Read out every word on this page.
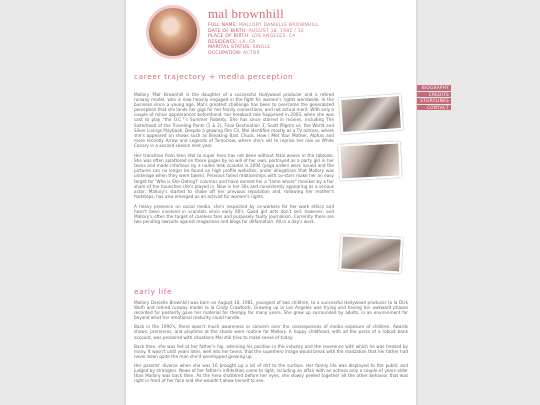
mal brownhill
FULL NAME: MALLORY DANIELLE BROWNHILL
DATE OF BIRTH: AUGUST 18, 1981 / 32
PLACE OF BIRTH: LOS ANGELES, CA
RESIDENCE: LA, CA
MARITAL STATUS: SINGLE
OCCUPATION: ACTOR
career trajectory + media perception

Mallory 'Mal' Brownhill is the daughter of a successful Hollywood producer and a retired runway model, who is now heavily engaged in the fight for women's rights worldwide. In the business since a young age, Mal's greatest challenge has been to overcome the generalized perception that she lands her gigs for her family connections, and not actual merit. With only a couple of minor appearances beforehand, her breakout role happened in 2003, when she was cast to play "the O.C."'s Summer Roberts. She has since starred in movies, including The Sisterhood of the Traveling Pants (1 & 2), Final Destination 3, Scott Pilgrim vs. the World and Silver Linings Playbook. Despite a growing film CV, Mal identifies mostly as a TV actress, where she's appeared on shows such as Breaking Bad, Chuck, How I Met Your Mother, Alphas and more recently Arrow and Legends of Tomorrow, where she's set to reprise her role as White Canary in a second season next year.

Her transition from teen idol to super hero has not been without fatal waves in the tabloids. She was often splattered on those pages by no will of her own, portrayed as a party girl in her teens and made infamous by a nudes leak scandal in 2004 (yoga orders were issued and the pictures can no longer be found on high profile websites, under allegations that Mallory was underage when they were taken). Previous failed relationships with co-stars make her an easy target for 'Who is She Dating?' columns and have earned her a "lame whore" moniker by a fair share of the haunches she's played in. Now in her 30s and consistently appearing as a serious actor, Mallory's started to shake off her previous reputation and, following her mother's footsteps, has also emerged as an activist for women's rights.

A heavy presence on social media, she's respected by co-workers for her work ethics and hasn't been involved in scandals since early 00's. Good girl acts don't sell, however, and Mallory's often the target of careless fans and purposely faulty journalism. Currently there are two pending lawsuits against magazines and blogs for defamation. All in a day's work.

early life

Mallory Danielle Brownhill was born on August 18, 1981, youngest of two children, to a successful Hollywood producer (a la Dick Wolf) and retired runway model (a la Cindy Crawford). Growing up in Los Angeles was trying and having her awkward phases recorded for posterity gave her material for therapy for many years. She grew up surrounded by adults, in an environment far beyond what her emotional maturity could handle.

Back in the 1990's, there wasn't much awareness or concern over the consequences of media exposure of children. Awards shows, premieres, and playtime at the studio were routine for Mallory. A happy childhood, with all the perks of a robust bank account, was peckered with situations Mal still tries to make sense of today.

Back then, she was fed at her father's hip, admiring his position in the industry and the reverence with which he was treated by many. It wasn't until years later, well into her teens, that the superhero image would break with the realization that her father had never been quite the man she'd worshipped growing up.

Her parents' divorce when she was 16 brought up a lot of dirt to the surface. Her family life was displayed to the public and judged by strangers. News of her father's infidelities came to light, including an affair with an actress only a couple of years older than Mallory was back then. As the hero shattered before her eyes, she slowly peeled together all the other behavior that was right in front of her face and she wouldn't allow herself to see.

BIOGRAPHY
CREDITS
STORYLINES
CONTACT
